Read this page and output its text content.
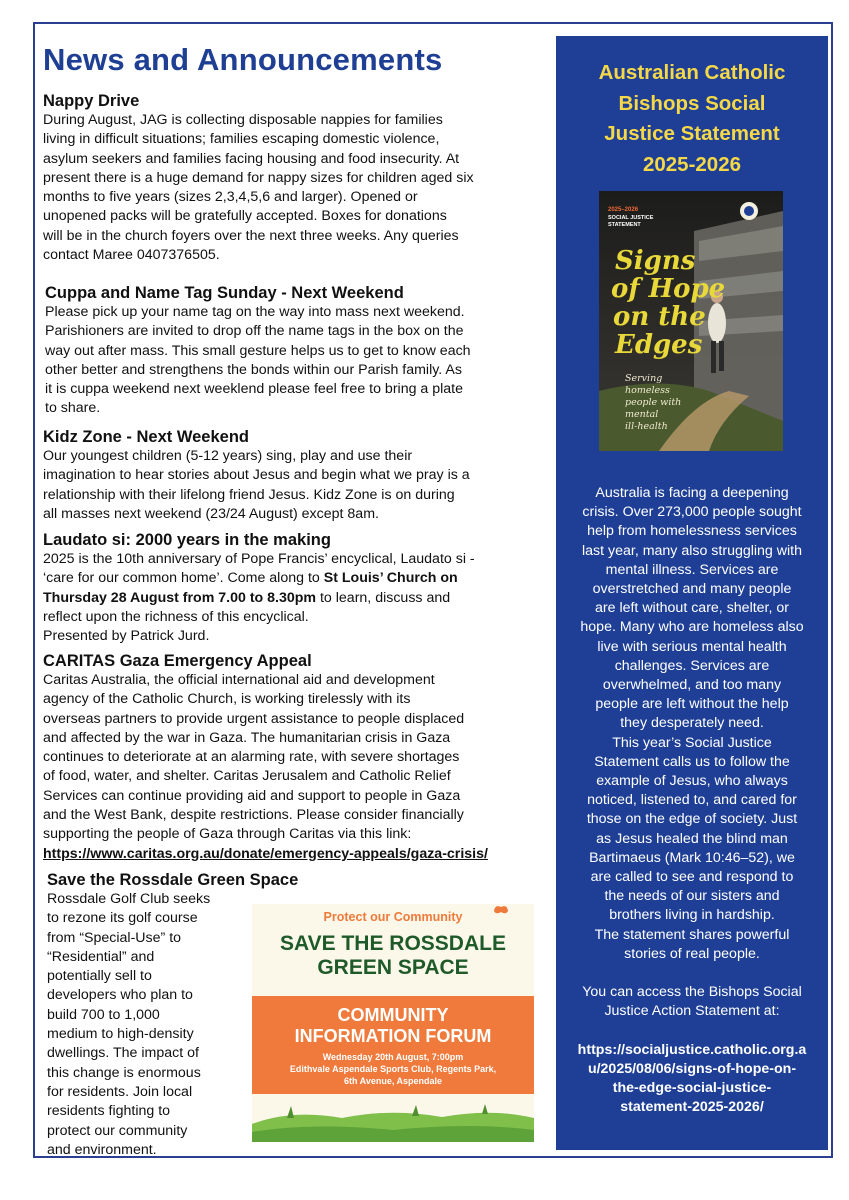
News and Announcements
Nappy Drive
During August, JAG is collecting disposable nappies for families
living in difficult situations; families escaping domestic violence,
asylum seekers and families facing housing and food insecurity. At
present there is a huge demand for nappy sizes for children aged six
months to five years (sizes 2,3,4,5,6 and larger). Opened or
unopened packs will be gratefully accepted. Boxes for donations
will be in the church foyers over the next three weeks. Any queries
contact Maree 0407376505.
Cuppa and Name Tag Sunday - Next Weekend
Please pick up your name tag on the way into mass next weekend.
Parishioners are invited to drop off the name tags in the box on the
way out after mass. This small gesture helps us to get to know each
other better and strengthens the bonds within our Parish family. As
it is cuppa weekend next weeklend please feel free to bring a plate
to share.
Kidz Zone - Next Weekend
Our youngest children (5-12 years) sing, play and use their
imagination to hear stories about Jesus and begin what we pray is a
relationship with their lifelong friend Jesus. Kidz Zone is on during
all masses next weekend (23/24 August) except 8am.
Laudato si: 2000 years in the making
2025 is the 10th anniversary of Pope Francis’ encyclical, Laudato si -
‘care for our common home’. Come along to St Louis’ Church on
Thursday 28 August from 7.00 to 8.30pm to learn, discuss and
reflect upon the richness of this encyclical.
Presented by Patrick Jurd.
CARITAS Gaza Emergency Appeal
Caritas Australia, the official international aid and development
agency of the Catholic Church, is working tirelessly with its
overseas partners to provide urgent assistance to people displaced
and affected by the war in Gaza. The humanitarian crisis in Gaza
continues to deteriorate at an alarming rate, with severe shortages
of food, water, and shelter. Caritas Jerusalem and Catholic Relief
Services can continue providing aid and support to people in Gaza
and the West Bank, despite restrictions. Please consider financially
supporting the people of Gaza through Caritas via this link:
https://www.caritas.org.au/donate/emergency-appeals/gaza-crisis/
Save the Rossdale Green Space
Rossdale Golf Club seeks
to rezone its golf course
from “Special-Use” to
“Residential” and
potentially sell to
developers who plan to
build 700 to 1,000
medium to high-density
dwellings. The impact of
this change is enormous
for residents. Join local
residents fighting to
protect our community
and environment.
Protect our Community
SAVE THE ROSSDALE
GREEN SPACE
COMMUNITY
INFORMATION FORUM
Wednesday 20th August, 7:00pm
Edithvale Aspendale Sports Club, Regents Park,
6th Avenue, Aspendale
Australian Catholic
Bishops Social
Justice Statement
2025-2026
2025–2026
SOCIAL JUSTICE
STATEMENT
Signs
of Hope
on the
Edges
Serving
homeless
people with
mental
ill-health
Australia is facing a deepening
crisis. Over 273,000 people sought
help from homelessness services
last year, many also struggling with
mental illness. Services are
overstretched and many people
are left without care, shelter, or
hope. Many who are homeless also
live with serious mental health
challenges. Services are
overwhelmed, and too many
people are left without the help
they desperately need.
This year’s Social Justice
Statement calls us to follow the
example of Jesus, who always
noticed, listened to, and cared for
those on the edge of society. Just
as Jesus healed the blind man
Bartimaeus (Mark 10:46–52), we
are called to see and respond to
the needs of our sisters and
brothers living in hardship.
The statement shares powerful
stories of real people.
You can access the Bishops Social
Justice Action Statement at:
https://socialjustice.catholic.org.a
u/2025/08/06/signs-of-hope-on-
the-edge-social-justice-
statement-2025-2026/
